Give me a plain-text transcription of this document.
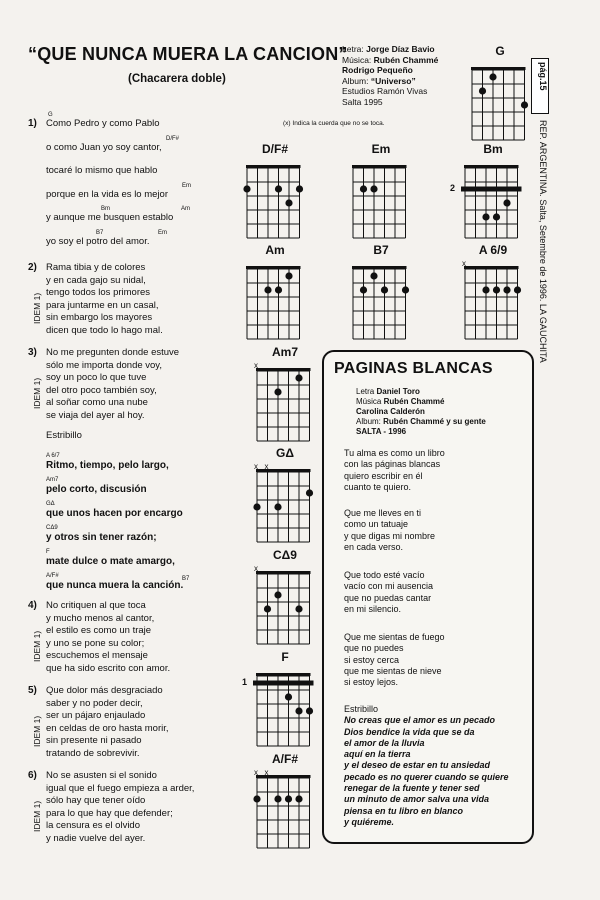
“QUE NUNCA MUERA LA CANCION”
(Chacarera doble)
Letra: Jorge Díaz Bavio
Música: Rubén Chammé
Rodrigo Pequeño
Album: “Universo”
Estudios Ramón Vivas
Salta 1995
(x) Indica la cuerda que no se toca.
pág.15
REP. ARGENTINA. Salta, Setembre de 1996. LA GAUCHITA
1) Como Pedro y como Pablo
G
o como Juan yo soy cantor,
D/F#
tocaré lo mismo que hablo
porque en la vida es lo mejor
Em
y aunque me busquen establo
Bm	Am
yo soy el potro del amor.
B7	Em
2) Rama tibia y de colores
y en cada gajo su nidal,
tengo todos los primores
para juntarme en un casal,
sin embargo los mayores
dicen que todo lo hago mal.
IDEM 1)
3) No me pregunten donde estuve
sólo me importa donde voy,
soy un poco lo que tuve
del otro poco también soy,
al soñar como una nube
se viaja del ayer al hoy.
IDEM 1)
4) No critiquen al que toca
y mucho menos al cantor,
el estilo es como un traje
y uno se pone su color;
escuchemos el mensaje
que ha sido escrito con amor.
IDEM 1)
5) Que dolor más desgraciado
saber y no poder decir,
ser un pájaro enjaulado
en celdas de oro hasta morir,
sin presente ni pasado
tratando de sobrevivir.
IDEM 1)
6) No se asusten si el sonido
igual que el fuego empieza a arder,
sólo hay que tener oído
para lo que hay que defender;
la censura es el olvido
y nadie vuelve del ayer.
IDEM 1)
Estribillo
A 6/7
Ritmo, tiempo, pelo largo,
Am7
pelo corto, discusión
GΔ
que unos hacen por encargo
CΔ9
y otros sin tener razón;
F
mate dulce o mate amargo,
A/F#	B7
que nunca muera la canción.
G
D/F#	Em	Bm
2
Am	B7	A 6/9
x
Am7
x
GΔ
x x
CΔ9
x
F
1
A/F#
x x
PAGINAS BLANCAS
Letra Daniel Toro
Música Rubén Chammé
Carolina Calderón
Album: Rubén Chammé y su gente
SALTA - 1996
Tu alma es como un libro
con las páginas blancas
quiero escribir en él
cuanto te quiero.
Que me lleves en ti
como un tatuaje
y que digas mi nombre
en cada verso.
Que todo esté vacío
vacío con mi ausencia
que no puedas cantar
en mi silencio.
Que me sientas de fuego
que no puedes
si estoy cerca
que me sientas de nieve
si estoy lejos.
Estribillo
No creas que el amor es un pecado
Dios bendice la vida que se da
el amor de la lluvia
aquí en la tierra
y el deseo de estar en tu ansiedad
pecado es no querer cuando se quiere
renegar de la fuente y tener sed
un minuto de amor salva una vida
piensa en tu libro en blanco
y quiéreme.
